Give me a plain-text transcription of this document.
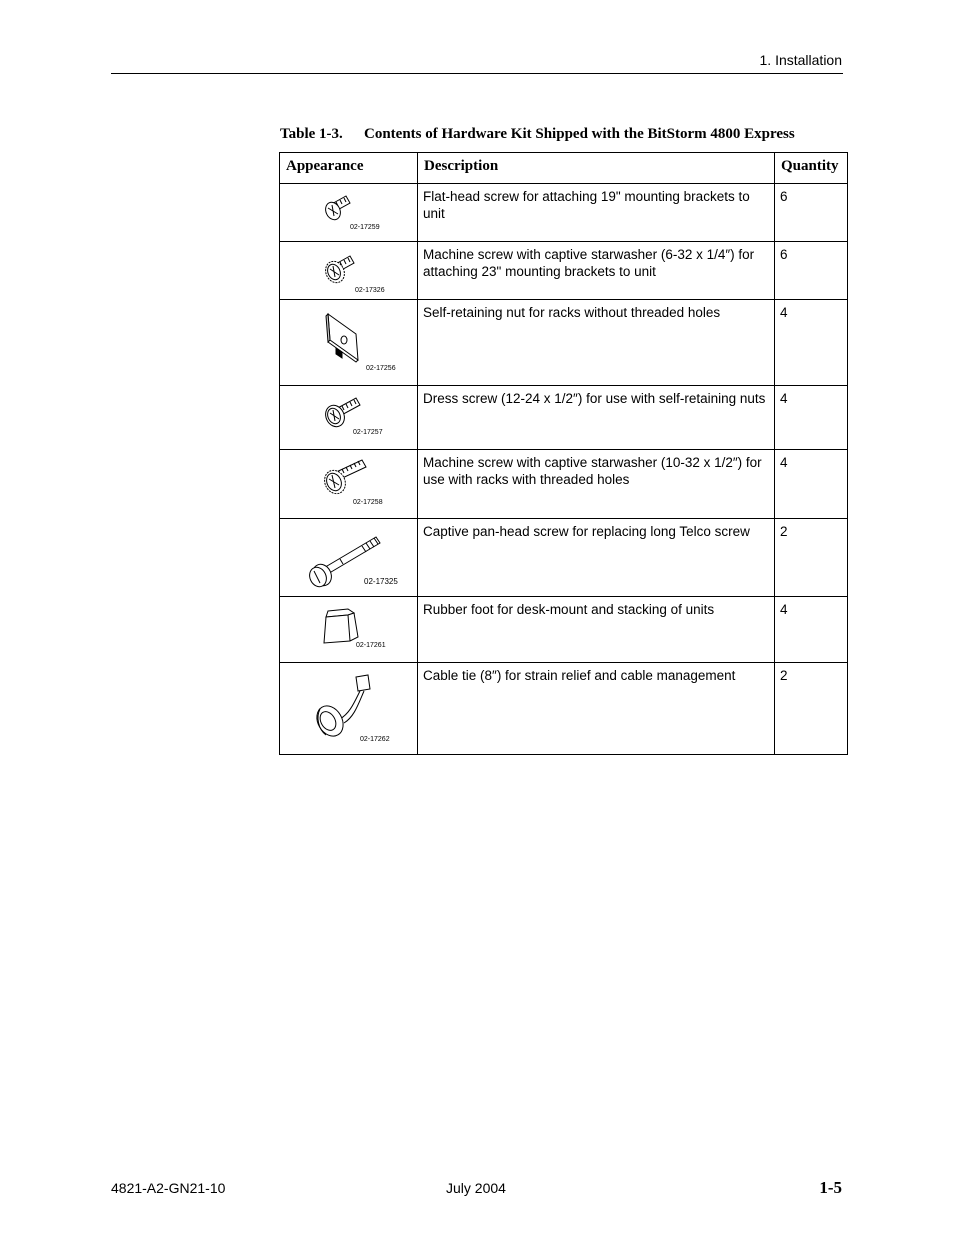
1. Installation
Table 1-3. Contents of Hardware Kit Shipped with the BitStorm 4800 Express
Appearance	Description	Quantity

02-17259	Flat-head screw for attaching 19" mounting brackets to unit	6

02-17326	Machine screw with captive starwasher (6-32 x 1/4″) for attaching 23" mounting brackets to unit	6

02-17256	Self-retaining nut for racks without threaded holes	4

02-17257	Dress screw (12-24 x 1/2″) for use with self-retaining nuts	4

02-17258	Machine screw with captive starwasher (10-32 x 1/2″) for use with racks with threaded holes	4

02-17325	Captive pan-head screw for replacing long Telco screw	2

02-17261	Rubber foot for desk-mount and stacking of units	4

02-17262	Cable tie (8″) for strain relief and cable management	2
4821-A2-GN21-10	July 2004	1-5
